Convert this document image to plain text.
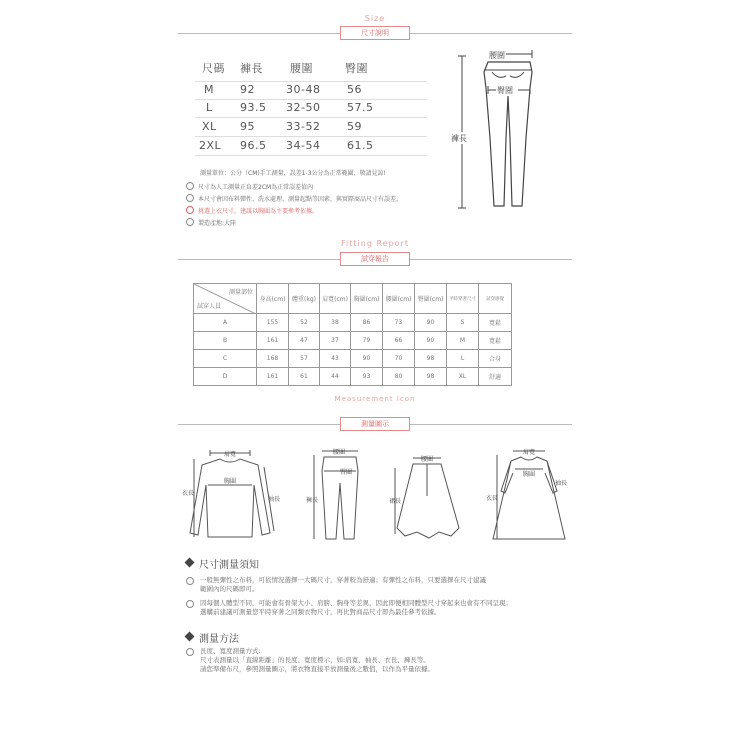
Size
尺寸說明
尺碼 褲長 腰圍	臀圍
M 92	30-48 56
L 93.5 32-50 57.5
XL 95	33-52 59
2XL 96.5 34-54 61.5
測量單位：公分（CM)手工測量，誤差1-3公分為正常範圍，敬請見諒!
尺寸為人工測量正負差2CM為正常誤差值內
本尺寸會因布料彈性、洗水處理、測量起點等因素，與實際商品尺寸有誤差。
挑選上衣尺寸，建議以胸圍為主要參考依據。
製造產地:大陸
腰圍
臀圍
褲長
Fitting Report
試穿報告
測量部位
試穿人員	身高(cm)	體重(kg)	肩寬(cm)	胸圍(cm)	腰圍(cm)	臀圍(cm)	平時穿著尺寸	試穿感覺
A	155	52	38	86	73	90	S	寬鬆
B	161	47	37	79	66	90	M	寬鬆
C	168	57	43	90	70	98	L	合身
D	161	61	44	93	80	98	XL	舒適
Measurement Icon
測量圖示
肩寬
胸圍
衣長
袖長
腰圍
臀圍
褲長
腰圍
裙長
肩寬
胸圍
衣長
袖長
尺寸測量須知
一般無彈性之布料，可依情況選擇一大碼尺寸，穿著較為舒適；有彈性之布料，只要選擇在尺寸建議
範圍內的尺碼即可。
因每個人體型不同，可能會有骨架大小、肩膀、胸身等差異，因此即便相同體型尺寸穿起來也會有不同呈現；
選購前建議可測量您平時穿著之同類衣物尺寸，再比對商品尺寸即為最佳參考依據。
測量方法
長度、寬度測量方式:
尺寸表測量以「直線距離」的長度、寬度標示，如:肩寬、袖長、衣長、褲長等。
請您準備布尺，參照測量圖示，將衣物直接平放測量後之數值，以作為平量依據。
